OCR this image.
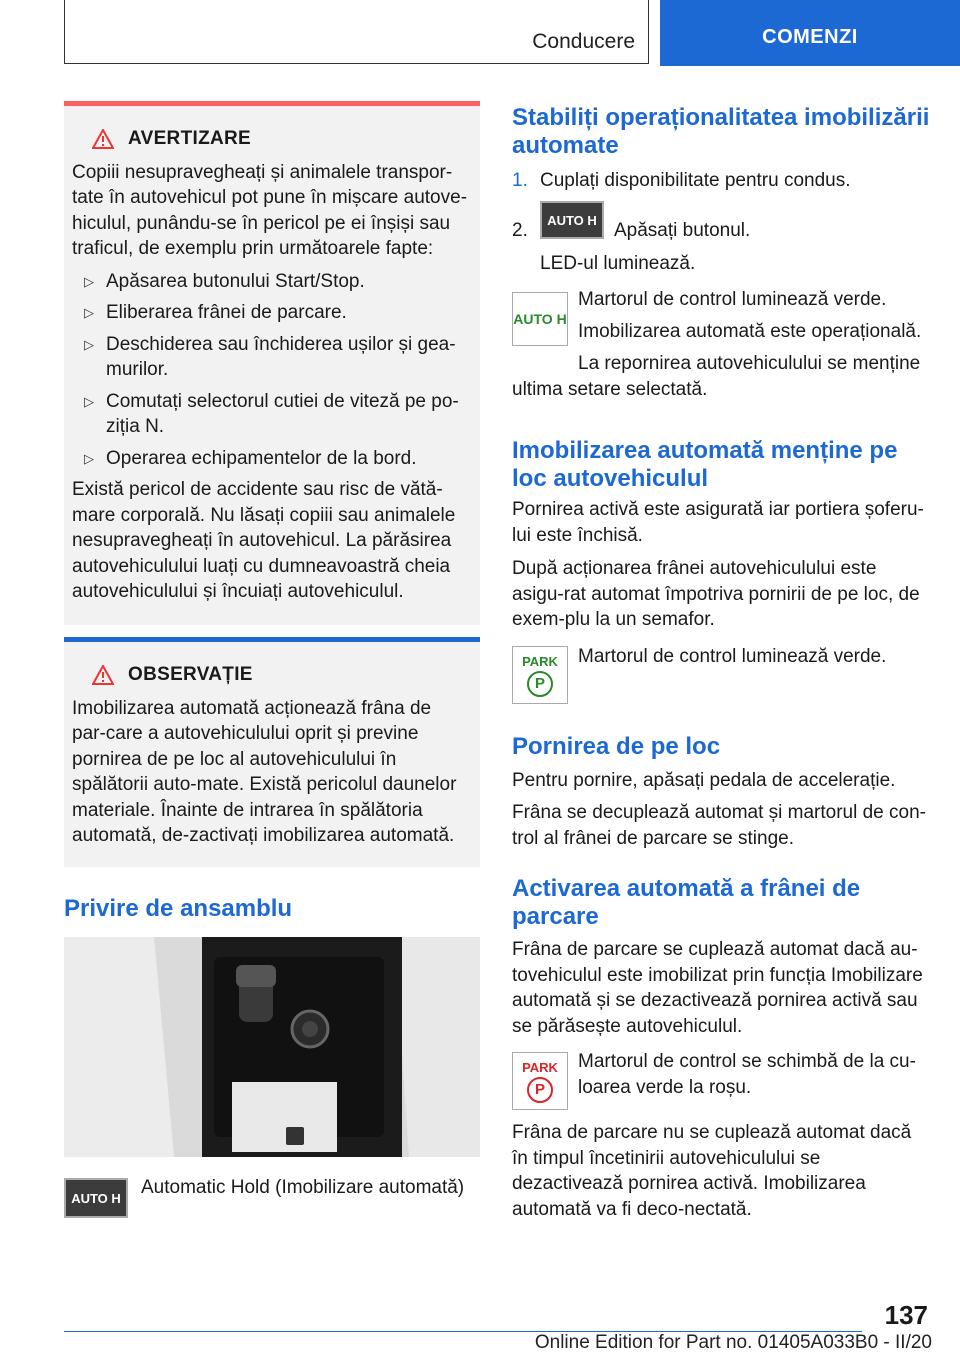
Conducere	COMENZI
AVERTIZARE

Copiii nesupravegheați și animalele transpor-tate în autovehicul pot pune în mișcare autove-hiculul, punându-se în pericol pe ei înșiși sau traficul, de exemplu prin următoarele fapte:

▷ Apăsarea butonului Start/Stop.
▷ Eliberarea frânei de parcare.
▷ Deschiderea sau închiderea ușilor și gea-murilor.
▷ Comutați selectorul cutiei de viteză pe po-ziția N.
▷ Operarea echipamentelor de la bord.

Există pericol de accidente sau risc de vătă-mare corporală. Nu lăsați copiii sau animalele nesupravegheați în autovehicul. La părăsirea autovehiculului luați cu dumneavoastră cheia autovehiculului și încuiați autovehiculul.

OBSERVAȚIE

Imobilizarea automată acționează frâna de par-care a autovehiculului oprit și previne pornirea de pe loc al autovehiculului în spălătorii auto-mate. Există pericolul daunelor materiale. Înainte de intrarea în spălătoria automată, de-zactivați imobilizarea automată.

Privire de ansamblu
AUTO H Automatic Hold (Imobilizare automată)

Stabiliți operaționalitatea imobilizării automate

1. Cuplați disponibilitate pentru condus.

2. AUTO H Apăsați butonul.

LED-ul luminează.

AUTO H

Martorul de control luminează verde.

Imobilizarea automată este operațională.

La repornirea autovehiculului se menține ultima setare selectată.

Imobilizarea automată menține pe loc autovehiculul

Pornirea activă este asigurată iar portiera șoferu-lui este închisă.

După acționarea frânei autovehiculului este asigu-rat automat împotriva pornirii de pe loc, de exem-plu la un semafor.

PARK
P

Martorul de control luminează verde.

Pornirea de pe loc

Pentru pornire, apăsați pedala de accelerație.

Frâna se decuplează automat și martorul de con-trol al frânei de parcare se stinge.

Activarea automată a frânei de parcare

Frâna de parcare se cuplează automat dacă au-tovehiculul este imobilizat prin funcția Imobilizare automată și se dezactivează pornirea activă sau se părăsește autovehiculul.

PARK
P

Martorul de control se schimbă de la cu-loarea verde la roșu.

Frâna de parcare nu se cuplează automat dacă în timpul încetinirii autovehiculului se dezactivează pornirea activă. Imobilizarea automată va fi deco-nectată.

137
Online Edition for Part no. 01405A033B0 - II/20
